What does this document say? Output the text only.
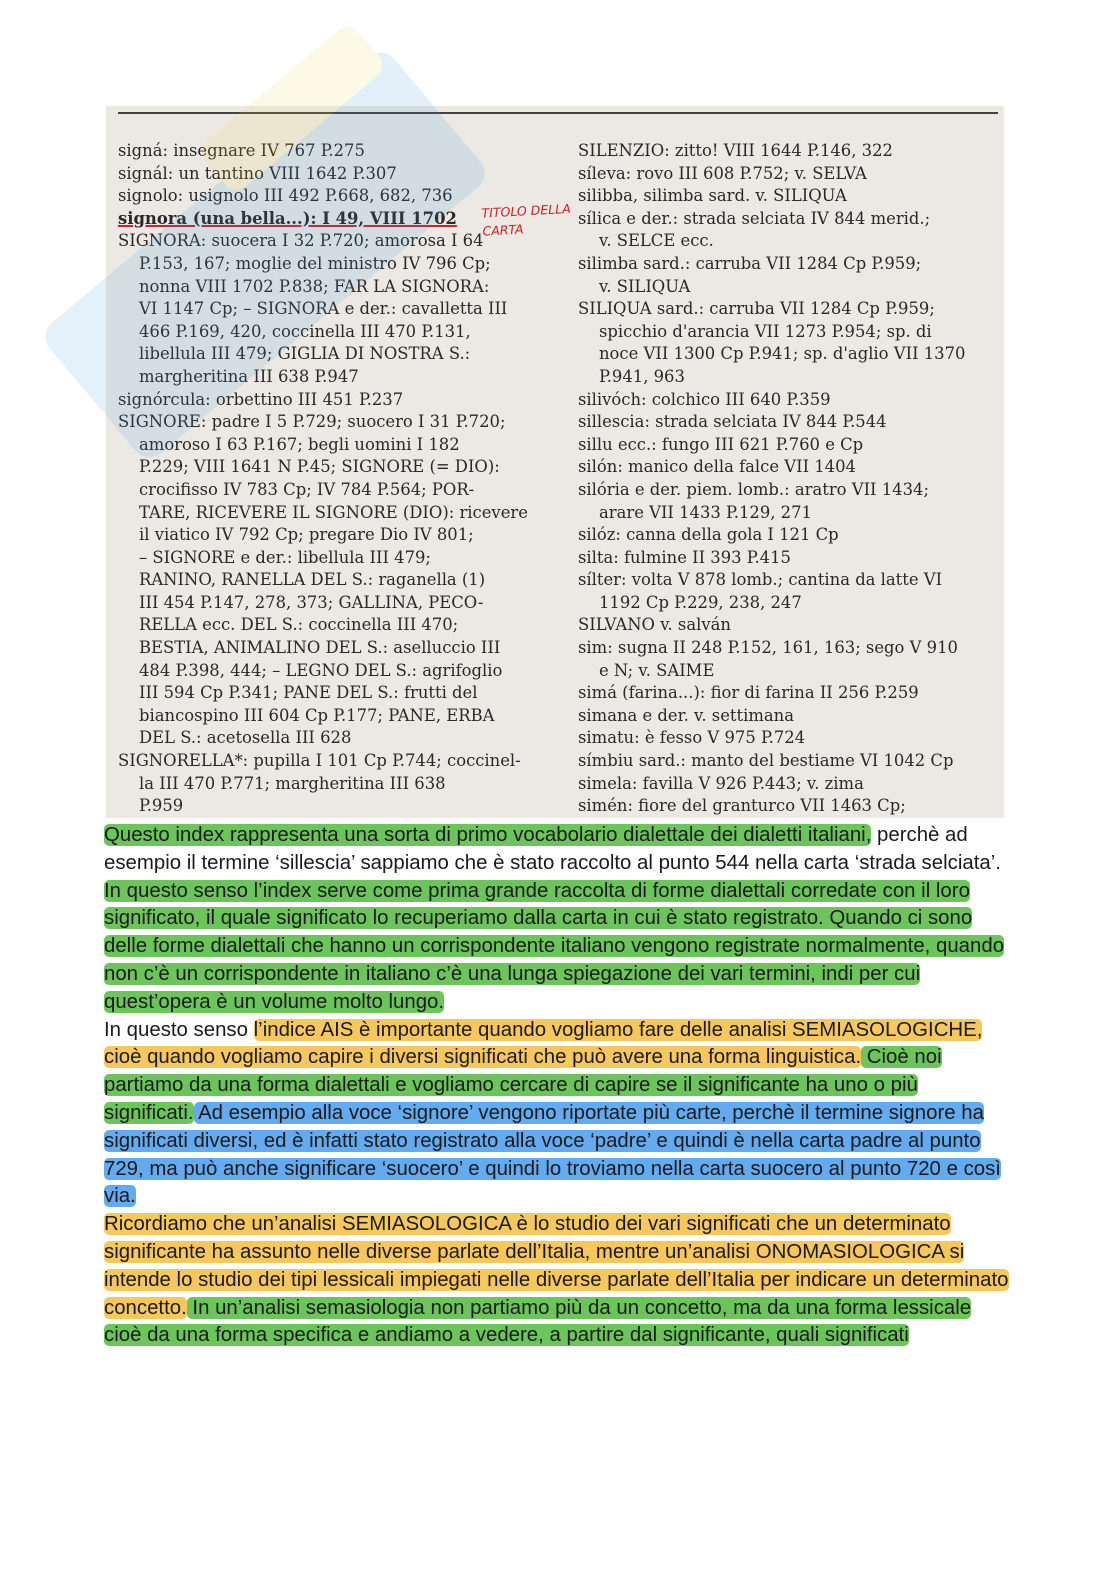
signá: insegnare IV 767 P.275
signál: un tantino VIII 1642 P.307
signolo: usignolo III 492 P.668, 682, 736
signora (una bella...): I 49, VIII 1702
SIGNORA: suocera I 32 P.720; amorosa I 64
P.153, 167; moglie del ministro IV 796 Cp;
nonna VIII 1702 P.838; FAR LA SIGNORA:
VI 1147 Cp; – SIGNORA e der.: cavalletta III
466 P.169, 420, coccinella III 470 P.131,
libellula III 479; GIGLIA DI NOSTRA S.:
margheritina III 638 P.947
signórcula: orbettino III 451 P.237
SIGNORE: padre I 5 P.729; suocero I 31 P.720;
amoroso I 63 P.167; begli uomini I 182
P.229; VIII 1641 N P.45; SIGNORE (= DIO):
crocifisso IV 783 Cp; IV 784 P.564; POR-
TARE, RICEVERE IL SIGNORE (DIO): ricevere
il viatico IV 792 Cp; pregare Dio IV 801;
– SIGNORE e der.: libellula III 479;
RANINO, RANELLA DEL S.: raganella (1)
III 454 P.147, 278, 373; GALLINA, PECO-
RELLA ecc. DEL S.: coccinella III 470;
BESTIA, ANIMALINO DEL S.: aselluccio III
484 P.398, 444; – LEGNO DEL S.: agrifoglio
III 594 Cp P.341; PANE DEL S.: frutti del
biancospino III 604 Cp P.177; PANE, ERBA
DEL S.: acetosella III 628
SIGNORELLA*: pupilla I 101 Cp P.744; coccinel-
la III 470 P.771; margheritina III 638
P.959
SILENZIO: zitto! VIII 1644 P.146, 322
síleva: rovo III 608 P.752; v. SELVA
silibba, silimba sard. v. SILIQUA
sílica e der.: strada selciata IV 844 merid.;
v. SELCE ecc.
silimba sard.: carruba VII 1284 Cp P.959;
v. SILIQUA
SILIQUA sard.: carruba VII 1284 Cp P.959;
spicchio d'arancia VII 1273 P.954; sp. di
noce VII 1300 Cp P.941; sp. d'aglio VII 1370
P.941, 963
silivóch: colchico III 640 P.359
sillescia: strada selciata IV 844 P.544
sillu ecc.: fungo III 621 P.760 e Cp
silón: manico della falce VII 1404
silória e der. piem. lomb.: aratro VII 1434;
arare VII 1433 P.129, 271
silóz: canna della gola I 121 Cp
silta: fulmine II 393 P.415
sílter: volta V 878 lomb.; cantina da latte VI
1192 Cp P.229, 238, 247
SILVANO v. salván
sim: sugna II 248 P.152, 161, 163; sego V 910
e N; v. SAIME
simá (farina...): fior di farina II 256 P.259
simana e der. v. settimana
simatu: è fesso V 975 P.724
símbiu sard.: manto del bestiame VI 1042 Cp
simela: favilla V 926 P.443; v. zima
simén: fiore del granturco VII 1463 Cp;
TITOLO DELLA CARTA

Questo index rappresenta una sorta di primo vocabolario dialettale dei dialetti italiani, perchè ad esempio il termine ‘sillescia’ sappiamo che è stato raccolto al punto 544 nella carta ‘strada selciata’. In questo senso l’index serve come prima grande raccolta di forme dialettali corredate con il loro significato, il quale significato lo recuperiamo dalla carta in cui è stato registrato. Quando ci sono delle forme dialettali che hanno un corrispondente italiano vengono registrate normalmente, quando non c’è un corrispondente in italiano c’è una lunga spiegazione dei vari termini, indi per cui quest’opera è un volume molto lungo.

In questo senso l’indice AIS è importante quando vogliamo fare delle analisi SEMIASOLOGICHE, cioè quando vogliamo capire i diversi significati che può avere una forma linguistica. Cioè noi partiamo da una forma dialettali e vogliamo cercare di capire se il significante ha uno o più significati. Ad esempio alla voce ‘signore’ vengono riportate più carte, perchè il termine signore ha significati diversi, ed è infatti stato registrato alla voce ‘padre’ e quindi è nella carta padre al punto 729, ma può anche significare ‘suocero’ e quindi lo troviamo nella carta suocero al punto 720 e così via.

Ricordiamo che un’analisi SEMIASOLOGICA è lo studio dei vari significati che un determinato significante ha assunto nelle diverse parlate dell’Italia, mentre un’analisi ONOMASIOLOGICA si intende lo studio dei tipi lessicali impiegati nelle diverse parlate dell’Italia per indicare un determinato concetto. In un’analisi semasiologia non partiamo più da un concetto, ma da una forma lessicale cioè da una forma specifica e andiamo a vedere, a partire dal significante, quali significati
